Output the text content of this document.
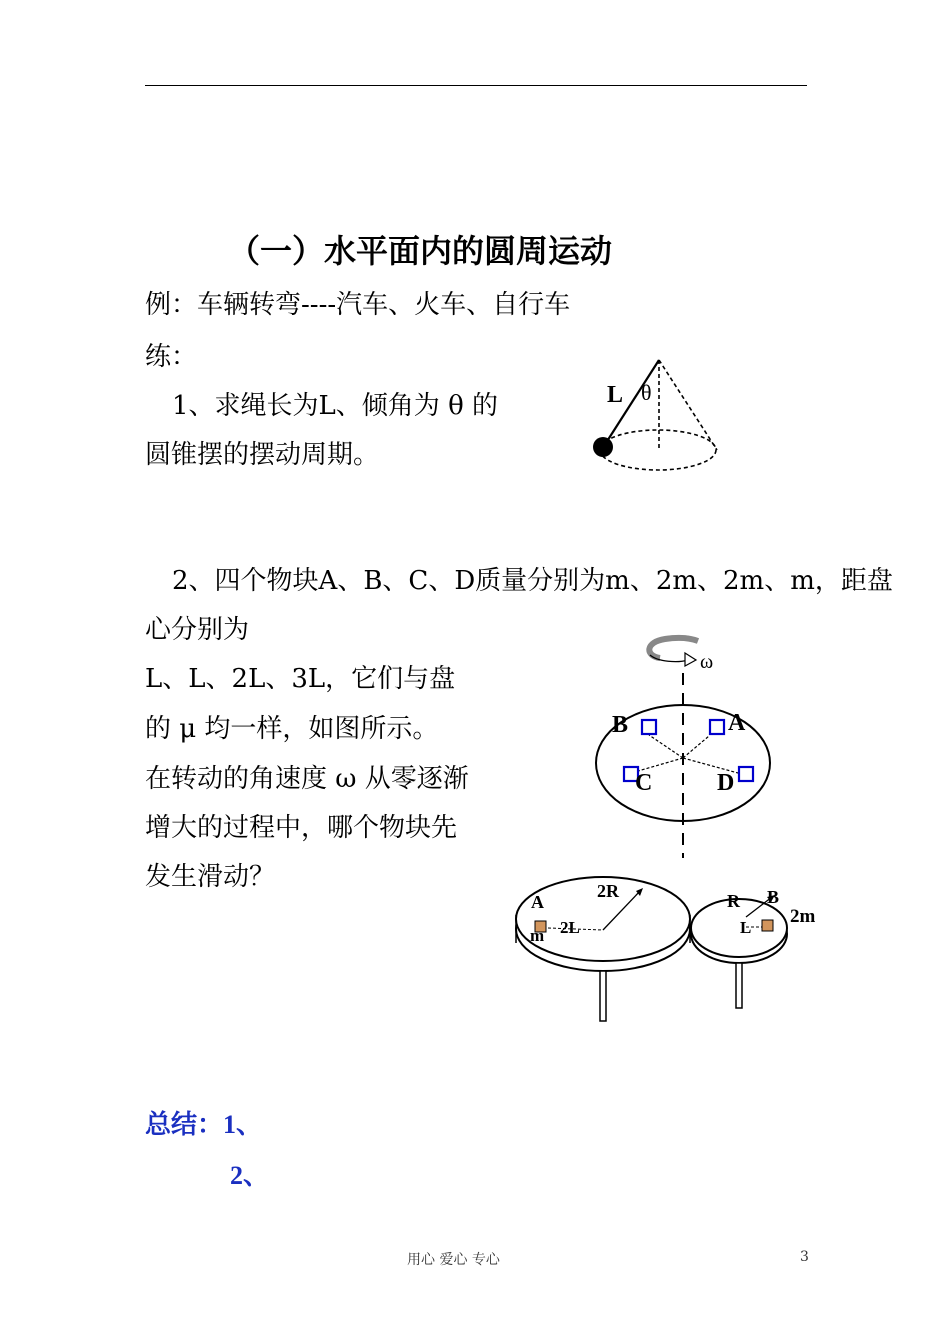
（一）水平面内的圆周运动
例：车辆转弯----汽车、火车、自行车
练：
1、求绳长为L、倾角为 θ 的
圆锥摆的摆动周期。
L θ
2、四个物块A、B、C、D质量分别为m、2m、2m、m，距盘
心分别为
L、L、2L、3L，它们与盘
的 μ 均一样，如图所示。
在转动的角速度 ω 从零逐渐
增大的过程中，哪个物块先
发生滑动？
ω
B	A
C	D
A
m 2L
2R	R B
L
2m
总结：1、
2、
用心 爱心 专心	3
